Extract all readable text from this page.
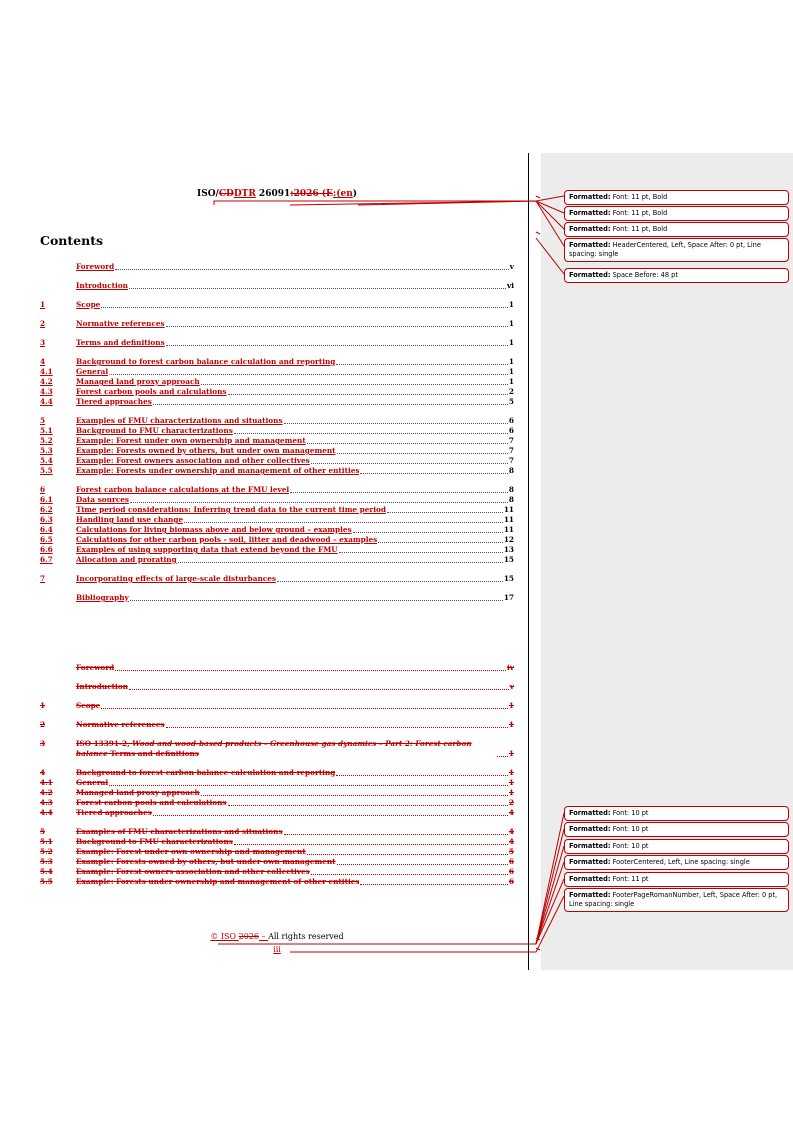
ISO/CDDTR 26091:2026 (E:(en)
Contents
Foreword	v
Introduction	vi
1	Scope	1
2	Normative references	1
3	Terms and definitions	1
4	Background to forest carbon balance calculation and reporting	1
4.1	General	1
4.2	Managed land proxy approach	1
4.3	Forest carbon pools and calculations	2
4.4	Tiered approaches	5
5	Examples of FMU characterizations and situations	6
5.1	Background to FMU characterizations	6
5.2	Example: Forest under own ownership and management	7
5.3	Example: Forests owned by others, but under own management	7
5.4	Example: Forest owners association and other collectives	7
5.5	Example: Forests under ownership and management of other entities	8
6	Forest carbon balance calculations at the FMU level	8
6.1	Data sources	8
6.2	Time period considerations: Inferring trend data to the current time period	11
6.3	Handling land use change	11
6.4	Calculations for living biomass above and below ground – examples	11
6.5	Calculations for other carbon pools - soil, litter and deadwood – examples	12
6.6	Examples of using supporting data that extend beyond the FMU	13
6.7	Allocation and prorating	15
7	Incorporating effects of large-scale disturbances	15
Bibliography	17
Foreword	iv
Introduction	v
1	Scope	1
2	Normative references	1
3	ISO 13391-2, Wood and wood-based products – Greenhouse gas dynamics – Part 2: Forest carbon balance Terms and definitions	1
4	Background to forest carbon balance calculation and reporting	1
4.1	General	1
4.2	Managed land proxy approach	1
4.3	Forest carbon pools and calculations	2
4.4	Tiered approaches	4
5	Examples of FMU characterizations and situations	4
5.1	Background to FMU characterizations	4
5.2	Example: Forest under own ownership and management	5
5.3	Example: Forests owned by others, but under own management	6
5.4	Example: Forest owners association and other collectives	6
5.5	Example: Forests under ownership and management of other entities	6
© ISO 2026 – All rights reserved
iii
Formatted: Font: 11 pt, Bold
Formatted: Font: 11 pt, Bold
Formatted: Font: 11 pt, Bold
Formatted: HeaderCentered, Left, Space After: 0 pt, Line spacing: single
Formatted: Space Before: 48 pt
Formatted: Font: 10 pt
Formatted: Font: 10 pt
Formatted: Font: 10 pt
Formatted: FooterCentered, Left, Line spacing: single
Formatted: Font: 11 pt
Formatted: FooterPageRomanNumber, Left, Space After: 0 pt, Line spacing: single
